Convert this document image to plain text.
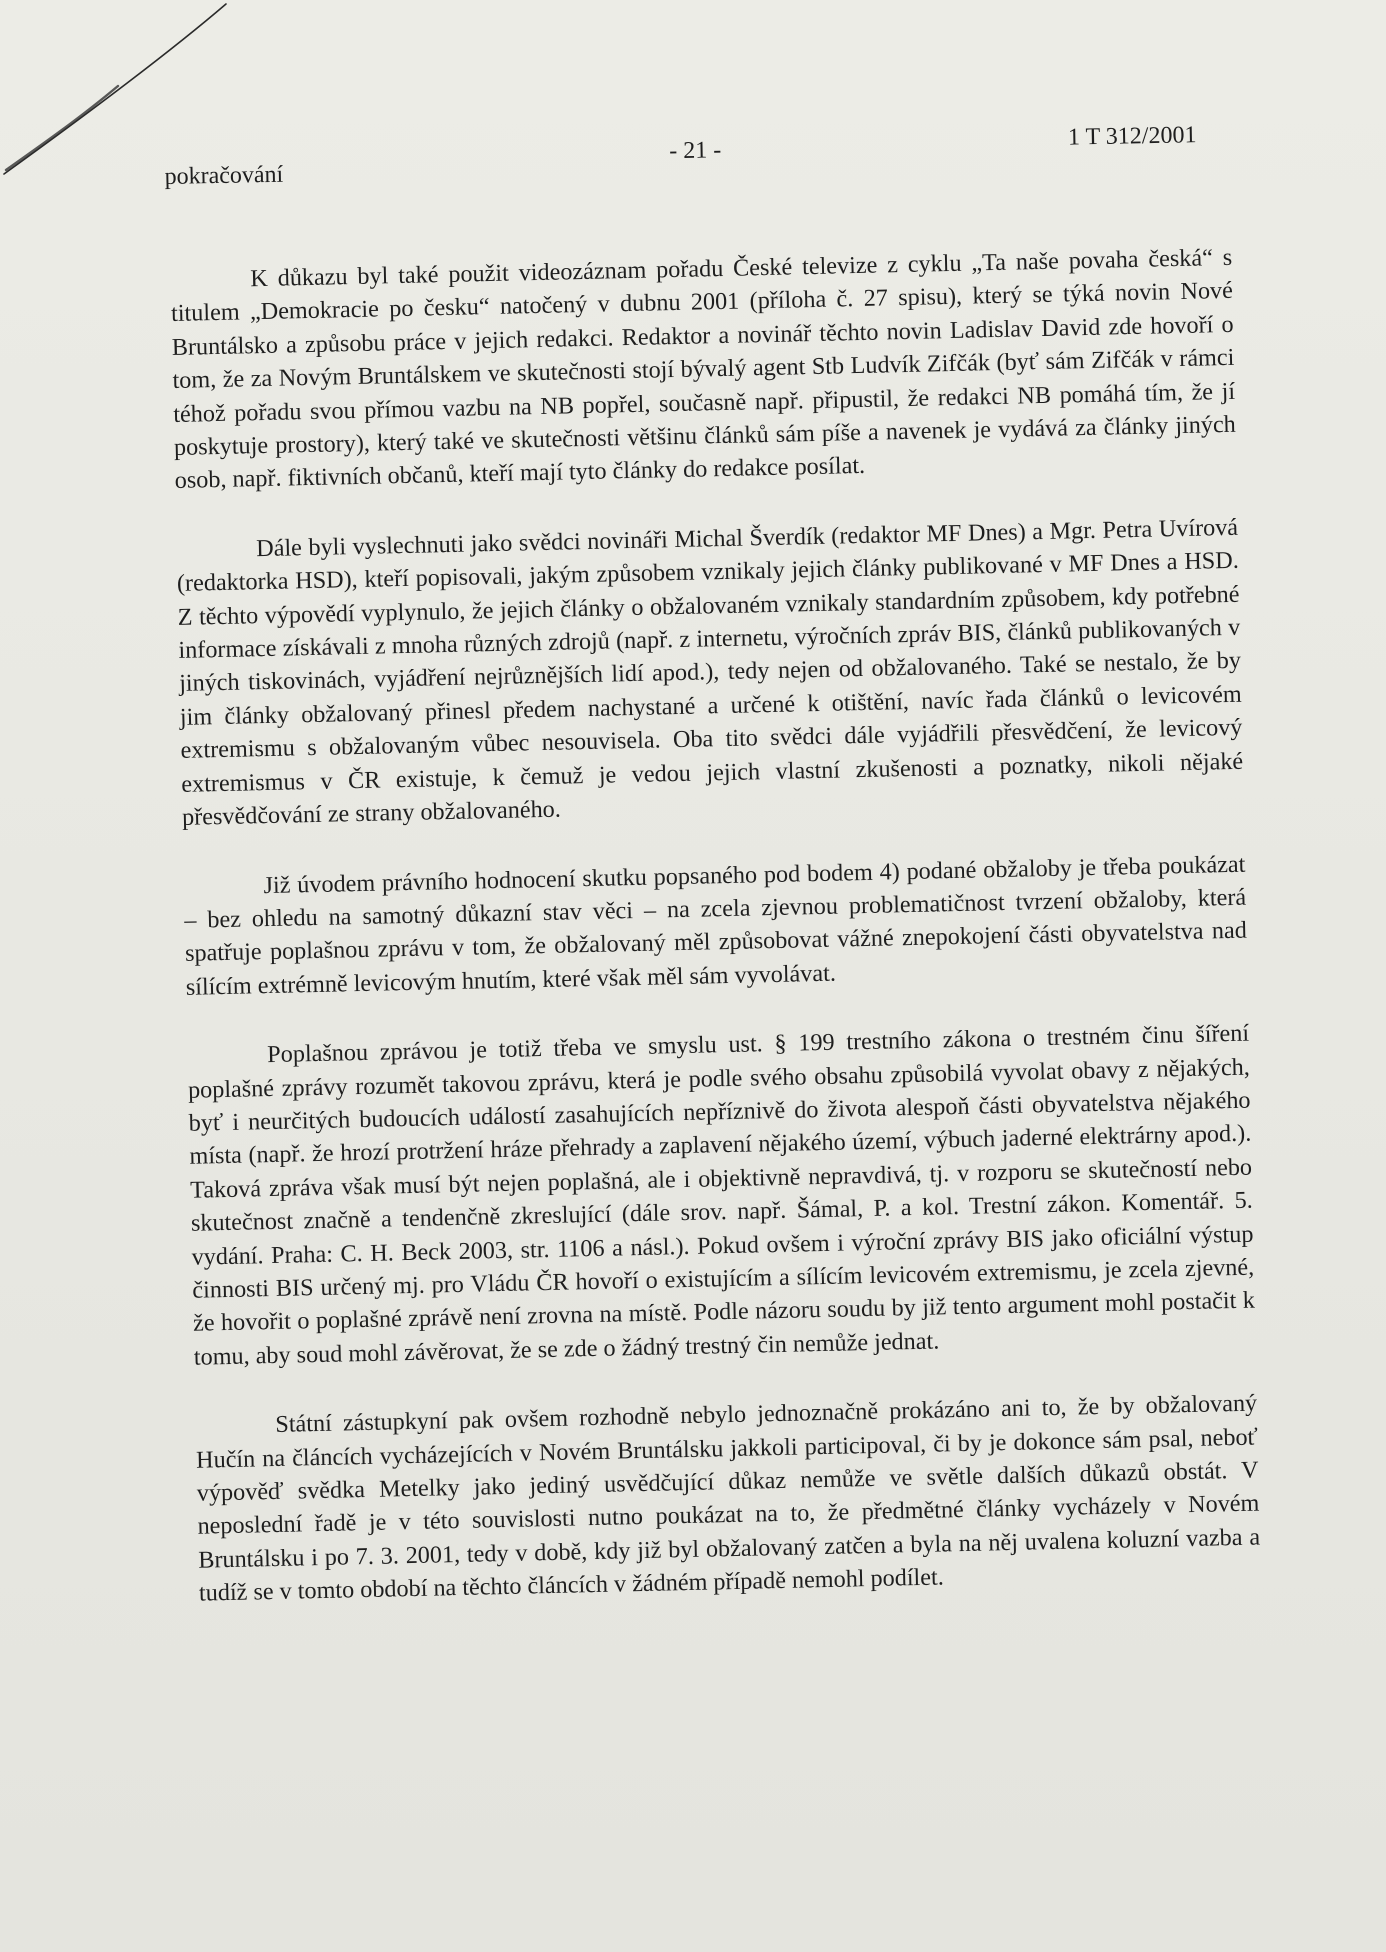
pokračování
- 21 -
1 T 312/2001

K důkazu byl také použit videozáznam pořadu České televize z cyklu „Ta naše povaha česká“ s titulem „Demokracie po česku“ natočený v dubnu 2001 (příloha č. 27 spisu), který se týká novin Nové Bruntálsko a způsobu práce v jejich redakci. Redaktor a novinář těchto novin Ladislav David zde hovoří o tom, že za Novým Bruntálskem ve skutečnosti stojí bývalý agent Stb Ludvík Zifčák (byť sám Zifčák v rámci téhož pořadu svou přímou vazbu na NB popřel, současně např. připustil, že redakci NB pomáhá tím, že jí poskytuje prostory), který také ve skutečnosti většinu článků sám píše a navenek je vydává za články jiných osob, např. fiktivních občanů, kteří mají tyto články do redakce posílat.

Dále byli vyslechnuti jako svědci novináři Michal Šverdík (redaktor MF Dnes) a Mgr. Petra Uvírová (redaktorka HSD), kteří popisovali, jakým způsobem vznikaly jejich články publikované v MF Dnes a HSD. Z těchto výpovědí vyplynulo, že jejich články o obžalovaném vznikaly standardním způsobem, kdy potřebné informace získávali z mnoha různých zdrojů (např. z internetu, výročních zpráv BIS, článků publikovaných v jiných tiskovinách, vyjádření nejrůznějších lidí apod.), tedy nejen od obžalovaného. Také se nestalo, že by jim články obžalovaný přinesl předem nachystané a určené k otištění, navíc řada článků o levicovém extremismu s obžalovaným vůbec nesouvisela. Oba tito svědci dále vyjádřili přesvědčení, že levicový extremismus v ČR existuje, k čemuž je vedou jejich vlastní zkušenosti a poznatky, nikoli nějaké přesvědčování ze strany obžalovaného.

Již úvodem právního hodnocení skutku popsaného pod bodem 4) podané obžaloby je třeba poukázat – bez ohledu na samotný důkazní stav věci – na zcela zjevnou problematičnost tvrzení obžaloby, která spatřuje poplašnou zprávu v tom, že obžalovaný měl způsobovat vážné znepokojení části obyvatelstva nad sílícím extrémně levicovým hnutím, které však měl sám vyvolávat.

Poplašnou zprávou je totiž třeba ve smyslu ust. § 199 trestního zákona o trestném činu šíření poplašné zprávy rozumět takovou zprávu, která je podle svého obsahu způsobilá vyvolat obavy z nějakých, byť i neurčitých budoucích událostí zasahujících nepříznivě do života alespoň části obyvatelstva nějakého místa (např. že hrozí protržení hráze přehrady a zaplavení nějakého území, výbuch jaderné elektrárny apod.). Taková zpráva však musí být nejen poplašná, ale i objektivně nepravdivá, tj. v rozporu se skutečností nebo skutečnost značně a tendenčně zkreslující (dále srov. např. Šámal, P. a kol. Trestní zákon. Komentář. 5. vydání. Praha: C. H. Beck 2003, str. 1106 a násl.). Pokud ovšem i výroční zprávy BIS jako oficiální výstup činnosti BIS určený mj. pro Vládu ČR hovoří o existujícím a sílícím levicovém extremismu, je zcela zjevné, že hovořit o poplašné zprávě není zrovna na místě. Podle názoru soudu by již tento argument mohl postačit k tomu, aby soud mohl závěrovat, že se zde o žádný trestný čin nemůže jednat.

Státní zástupkyní pak ovšem rozhodně nebylo jednoznačně prokázáno ani to, že by obžalovaný Hučín na článcích vycházejících v Novém Bruntálsku jakkoli participoval, či by je dokonce sám psal, neboť výpověď svědka Metelky jako jediný usvědčující důkaz nemůže ve světle dalších důkazů obstát. V neposlední řadě je v této souvislosti nutno poukázat na to, že předmětné články vycházely v Novém Bruntálsku i po 7. 3. 2001, tedy v době, kdy již byl obžalovaný zatčen a byla na něj uvalena koluzní vazba a tudíž se v tomto období na těchto článcích v žádném případě nemohl podílet.
